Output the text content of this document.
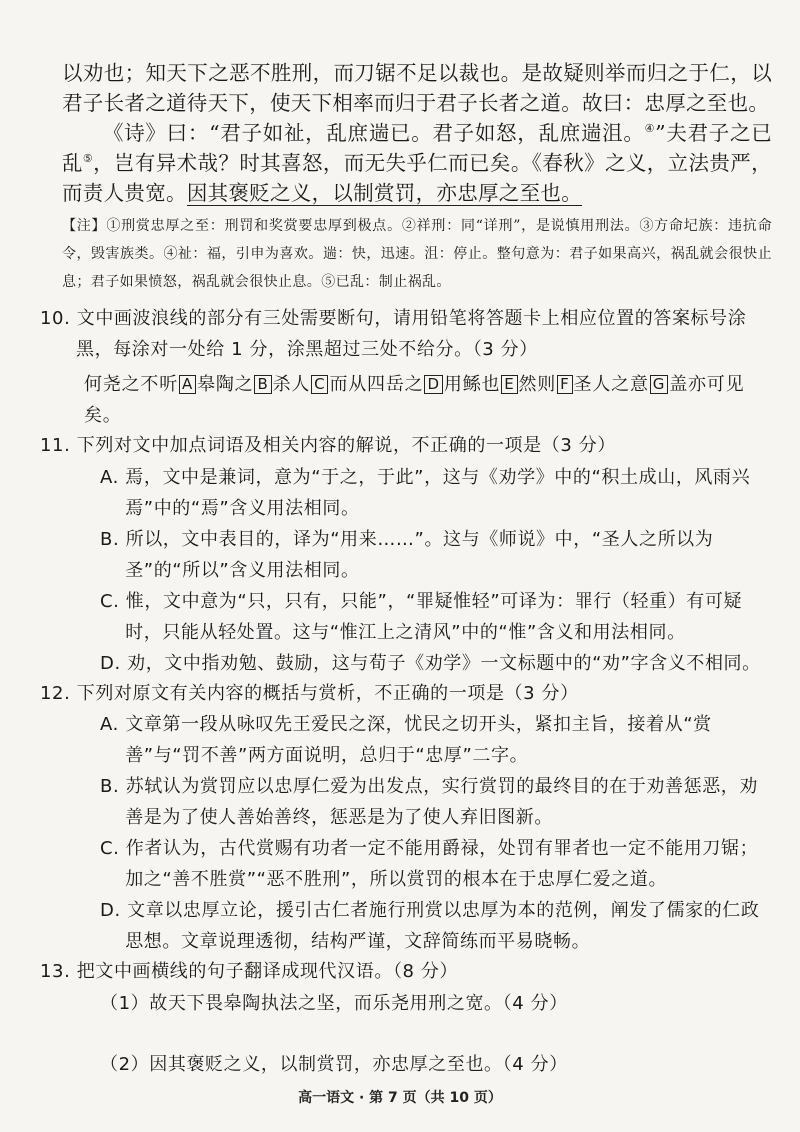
以劝也；知天下之恶不胜刑，而刀锯不足以裁也。是故疑则举而归之于仁，以君子长者之道待天下，使天下相率而归于君子长者之道。故曰：忠厚之至也。

《诗》曰：“君子如祉，乱庶遄已。君子如怒，乱庶遄沮。④”夫君子之已乱⑤，岂有异术哉？时其喜怒，而无失乎仁而已矣。《春秋》之义，立法贵严，而责人贵宽。因其褒贬之义，以制赏罚，亦忠厚之至也。

【注】①刑赏忠厚之至：刑罚和奖赏要忠厚到极点。②祥刑：同“详刑”，是说慎用刑法。③方命圮族：违抗命令，毁害族类。④祉：福，引申为喜欢。遄：快，迅速。沮：停止。整句意为：君子如果高兴，祸乱就会很快止息；君子如果愤怒，祸乱就会很快止息。⑤已乱：制止祸乱。

10. 文中画波浪线的部分有三处需要断句，请用铅笔将答题卡上相应位置的答案标号涂黑，每涂对一处给 1 分，涂黑超过三处不给分。（3 分）

何尧之不听 A 皋陶之 B 杀人 C 而从四岳之 D 用鲧也 E 然则 F 圣人之意 G 盖亦可见矣。

11. 下列对文中加点词语及相关内容的解说，不正确的一项是（3 分）

A. 焉，文中是兼词，意为“于之，于此”，这与《劝学》中的“积土成山，风雨兴焉”中的“焉”含义用法相同。

B. 所以，文中表目的，译为“用来……”。这与《师说》中，“圣人之所以为圣”的“所以”含义用法相同。

C. 惟，文中意为“只，只有，只能”，“罪疑惟轻”可译为：罪行（轻重）有可疑时，只能从轻处置。这与“惟江上之清风”中的“惟”含义和用法相同。

D. 劝，文中指劝勉、鼓励，这与荀子《劝学》一文标题中的“劝”字含义不相同。

12. 下列对原文有关内容的概括与赏析，不正确的一项是（3 分）

A. 文章第一段从咏叹先王爱民之深，忧民之切开头，紧扣主旨，接着从“赏善”与“罚不善”两方面说明，总归于“忠厚”二字。

B. 苏轼认为赏罚应以忠厚仁爱为出发点，实行赏罚的最终目的在于劝善惩恶，劝善是为了使人善始善终，惩恶是为了使人弃旧图新。

C. 作者认为，古代赏赐有功者一定不能用爵禄，处罚有罪者也一定不能用刀锯；加之“善不胜赏”“恶不胜刑”，所以赏罚的根本在于忠厚仁爱之道。

D. 文章以忠厚立论，援引古仁者施行刑赏以忠厚为本的范例，阐发了儒家的仁政思想。文章说理透彻，结构严谨，文辞简练而平易晓畅。

13. 把文中画横线的句子翻译成现代汉语。（8 分）

（1）故天下畏皋陶执法之坚，而乐尧用刑之宽。（4 分）

（2）因其褒贬之义，以制赏罚，亦忠厚之至也。（4 分）

高一语文 · 第 7 页（共 10 页）
